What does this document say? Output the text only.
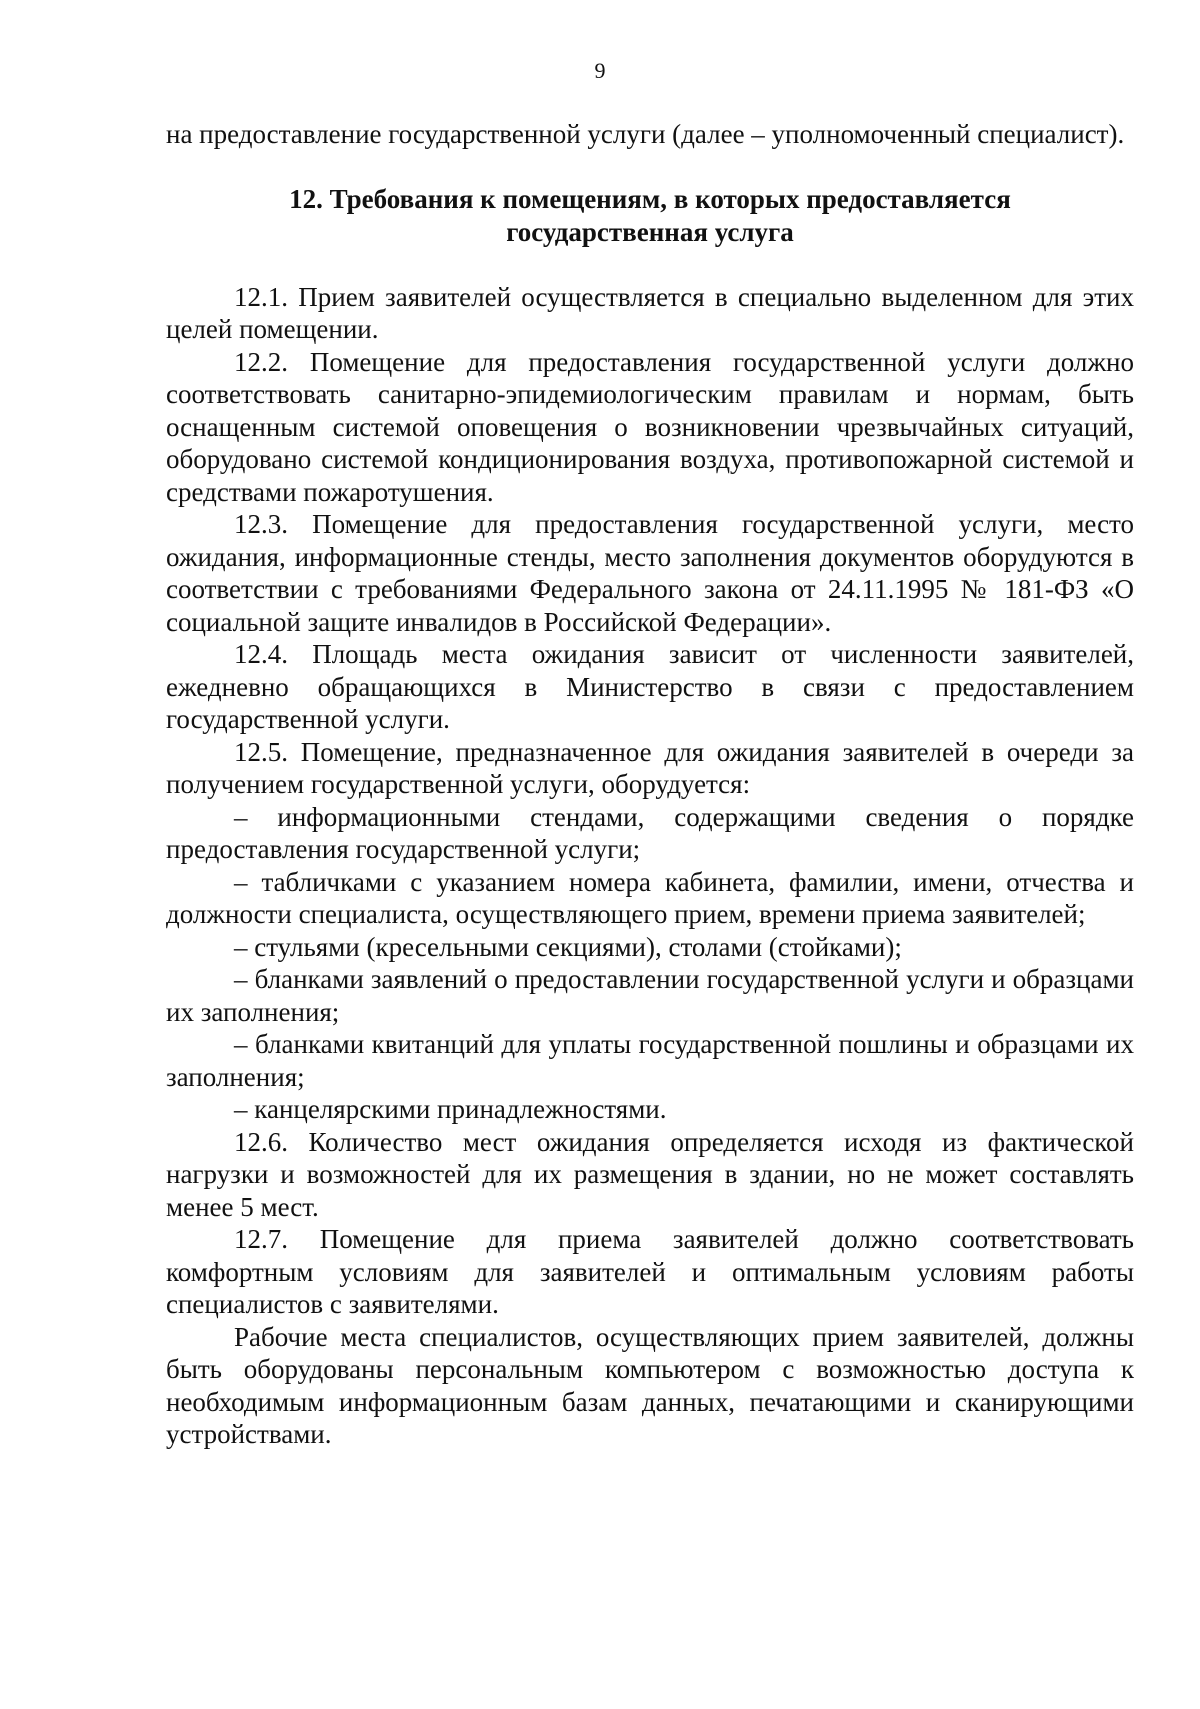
9

на предоставление государственной услуги (далее – уполномоченный специалист).

12. Требования к помещениям, в которых предоставляется
государственная услуга

12.1. Прием заявителей осуществляется в специально выделенном для этих целей помещении.

12.2. Помещение для предоставления государственной услуги должно соответствовать санитарно-эпидемиологическим правилам и нормам, быть оснащенным системой оповещения о возникновении чрезвычайных ситуаций, оборудовано системой кондиционирования воздуха, противопожарной системой и средствами пожаротушения.

12.3. Помещение для предоставления государственной услуги, место ожидания, информационные стенды, место заполнения документов оборудуются в соответствии с требованиями Федерального закона от 24.11.1995 № 181-ФЗ «О социальной защите инвалидов в Российской Федерации».

12.4. Площадь места ожидания зависит от численности заявителей, ежедневно обращающихся в Министерство в связи с предоставлением государственной услуги.

12.5. Помещение, предназначенное для ожидания заявителей в очереди за получением государственной услуги, оборудуется:

– информационными стендами, содержащими сведения о порядке предоставления государственной услуги;

– табличками с указанием номера кабинета, фамилии, имени, отчества и должности специалиста, осуществляющего прием, времени приема заявителей;

– стульями (кресельными секциями), столами (стойками);

– бланками заявлений о предоставлении государственной услуги и образцами их заполнения;

– бланками квитанций для уплаты государственной пошлины и образцами их заполнения;

– канцелярскими принадлежностями.

12.6. Количество мест ожидания определяется исходя из фактической нагрузки и возможностей для их размещения в здании, но не может составлять менее 5 мест.

12.7. Помещение для приема заявителей должно соответствовать комфортным условиям для заявителей и оптимальным условиям работы специалистов с заявителями.

Рабочие места специалистов, осуществляющих прием заявителей, должны быть оборудованы персональным компьютером с возможностью доступа к необходимым информационным базам данных, печатающими и сканирующими устройствами.
